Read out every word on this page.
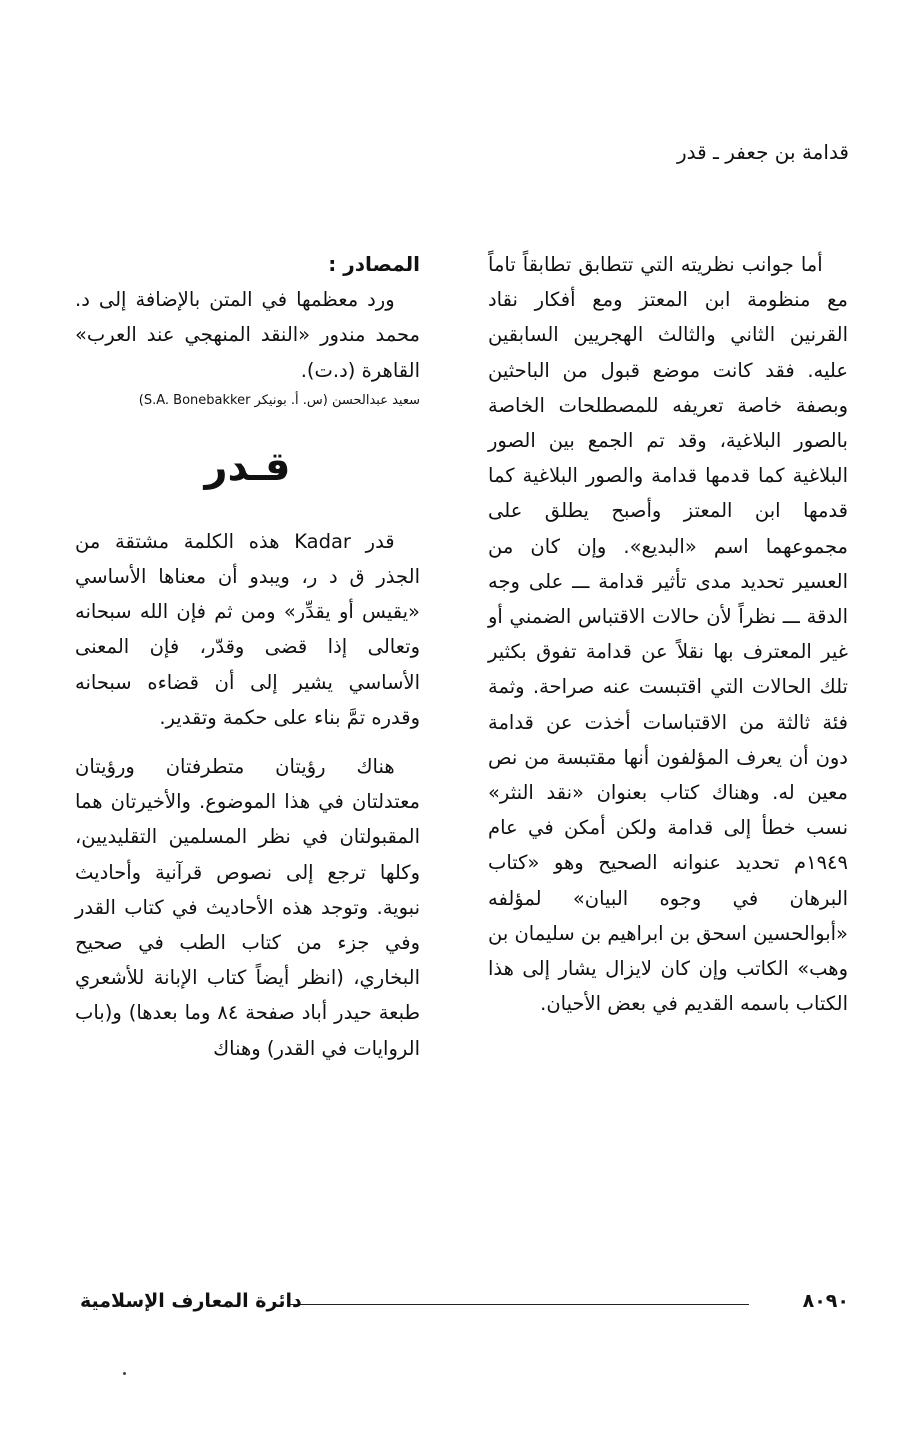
قدامة بن جعفر ـ قدر

أما جوانب نظريته التي تتطابق تطابقاً تاماً مع منظومة ابن المعتز ومع أفكار نقاد القرنين الثاني والثالث الهجريين السابقين عليه. فقد كانت موضع قبول من الباحثين وبصفة خاصة تعريفه للمصطلحات الخاصة بالصور البلاغية، وقد تم الجمع بين الصور البلاغية كما قدمها قدامة والصور البلاغية كما قدمها ابن المعتز وأصبح يطلق على مجموعهما اسم «البديع». وإن كان من العسير تحديد مدى تأثير قدامة ـــ على وجه الدقة ـــ نظراً لأن حالات الاقتباس الضمني أو غير المعترف بها نقلاً عن قدامة تفوق بكثير تلك الحالات التي اقتبست عنه صراحة. وثمة فئة ثالثة من الاقتباسات أخذت عن قدامة دون أن يعرف المؤلفون أنها مقتبسة من نص معين له. وهناك كتاب بعنوان «نقد النثر» نسب خطأ إلى قدامة ولكن أمكن في عام ١٩٤٩م تحديد عنوانه الصحيح وهو «كتاب البرهان في وجوه البيان» لمؤلفه «أبوالحسين اسحق بن ابراهيم بن سليمان بن وهب» الكاتب وإن كان لايزال يشار إلى هذا الكتاب باسمه القديم في بعض الأحيان.

المصادر :

ورد معظمها في المتن بالإضافة إلى د. محمد مندور «النقد المنهجي عند العرب» القاهرة (د.ت).

سعيد عبدالحسن (س. أ. بونيكر S.A. Bonebakker)

قـدر

قدر Kadar هذه الكلمة مشتقة من الجذر ق د ر، ويبدو أن معناها الأساسي «يقيس أو يقدِّر» ومن ثم فإن الله سبحانه وتعالى إذا قضى وقدّر، فإن المعنى الأساسي يشير إلى أن قضاءه سبحانه وقدره تمَّ بناء على حكمة وتقدير.

هناك رؤيتان متطرفتان ورؤيتان معتدلتان في هذا الموضوع. والأخيرتان هما المقبولتان في نظر المسلمين التقليديين، وكلها ترجع إلى نصوص قرآنية وأحاديث نبوية. وتوجد هذه الأحاديث في كتاب القدر وفي جزء من كتاب الطب في صحيح البخاري، (انظر أيضاً كتاب الإبانة للأشعري طبعة حيدر أباد صفحة ٨٤ وما بعدها) و(باب الروايات في القدر) وهناك

٨٠٩٠
دائرة المعارف الإسلامية
